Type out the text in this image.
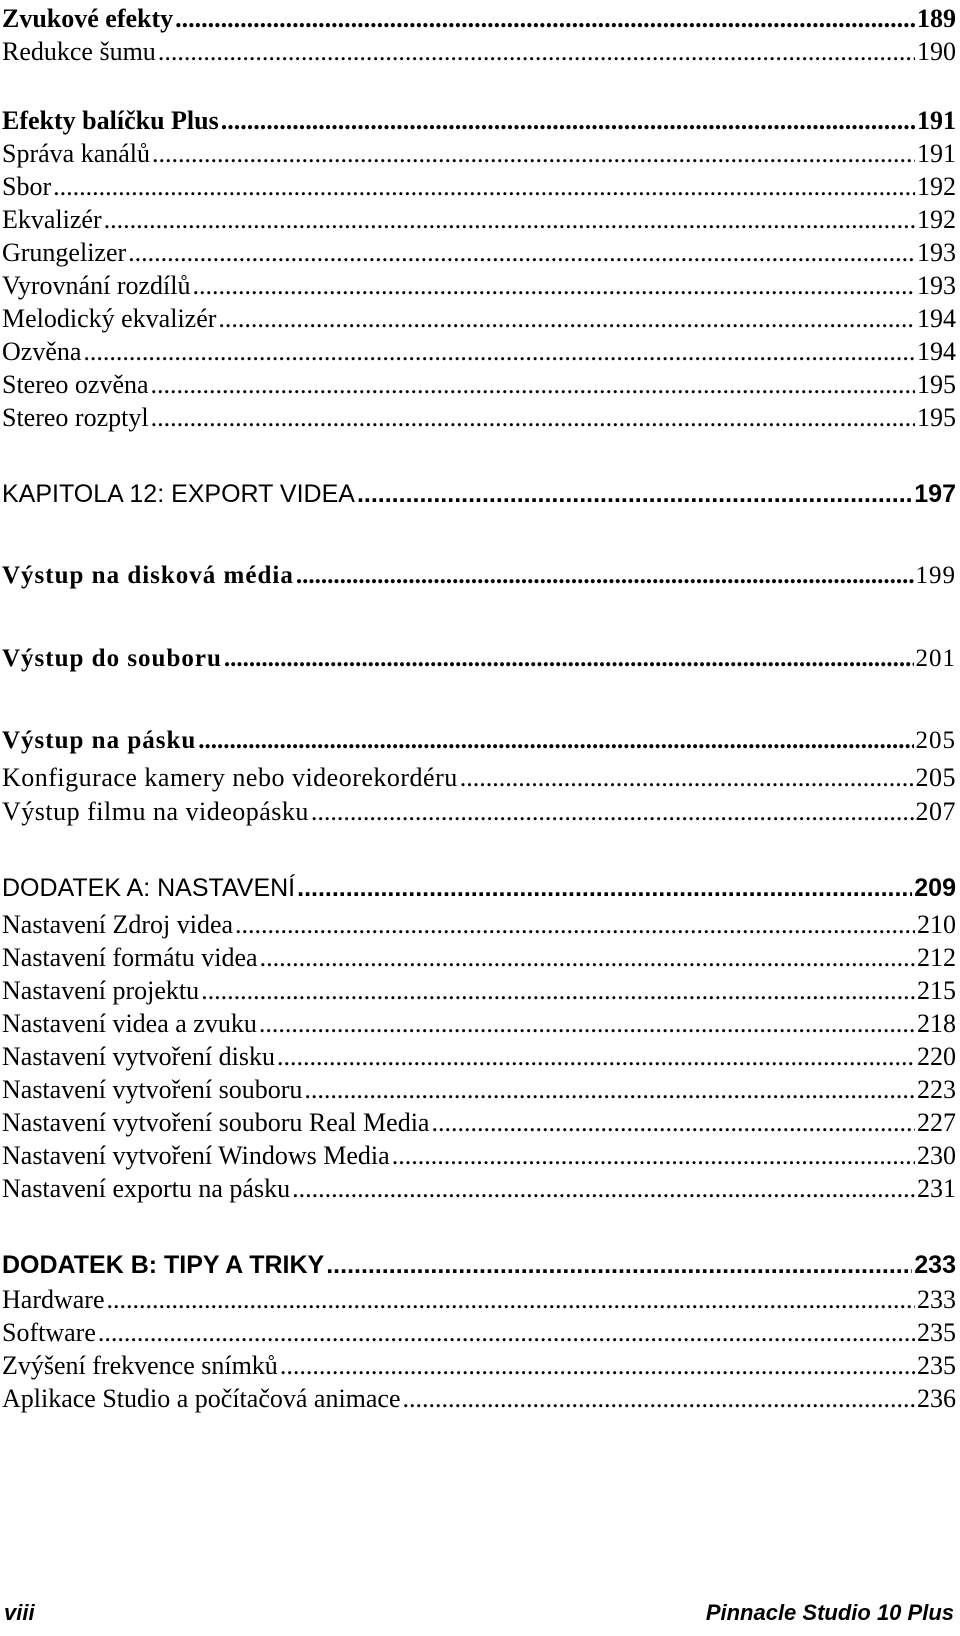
Zvukové efekty .....	189
Redukce šumu .....	190
Efekty balíčku Plus .....	191
Správa kanálů .....	191
Sbor .....	192
Ekvalizér .....	192
Grungelizer .....	193
Vyrovnání rozdílů .....	193
Melodický ekvalizér .....	194
Ozvěna .....	194
Stereo ozvěna .....	195
Stereo rozptyl .....	195
KAPITOLA 12: EXPORT VIDEA .....	197
Výstup na disková média .....	199
Výstup do souboru .....	201
Výstup na pásku .....	205
Konfigurace kamery nebo videorekordéru .....	205
Výstup filmu na videopásku .....	207
DODATEK A: NASTAVENÍ .....	209
Nastavení Zdroj videa .....	210
Nastavení formátu videa .....	212
Nastavení projektu .....	215
Nastavení videa a zvuku .....	218
Nastavení vytvoření disku .....	220
Nastavení vytvoření souboru .....	223
Nastavení vytvoření souboru Real Media .....	227
Nastavení vytvoření Windows Media .....	230
Nastavení exportu na pásku .....	231
DODATEK B: TIPY A TRIKY .....	233
Hardware .....	233
Software .....	235
Zvýšení frekvence snímků .....	235
Aplikace Studio a počítačová animace .....	236
viii	Pinnacle Studio 10 Plus
